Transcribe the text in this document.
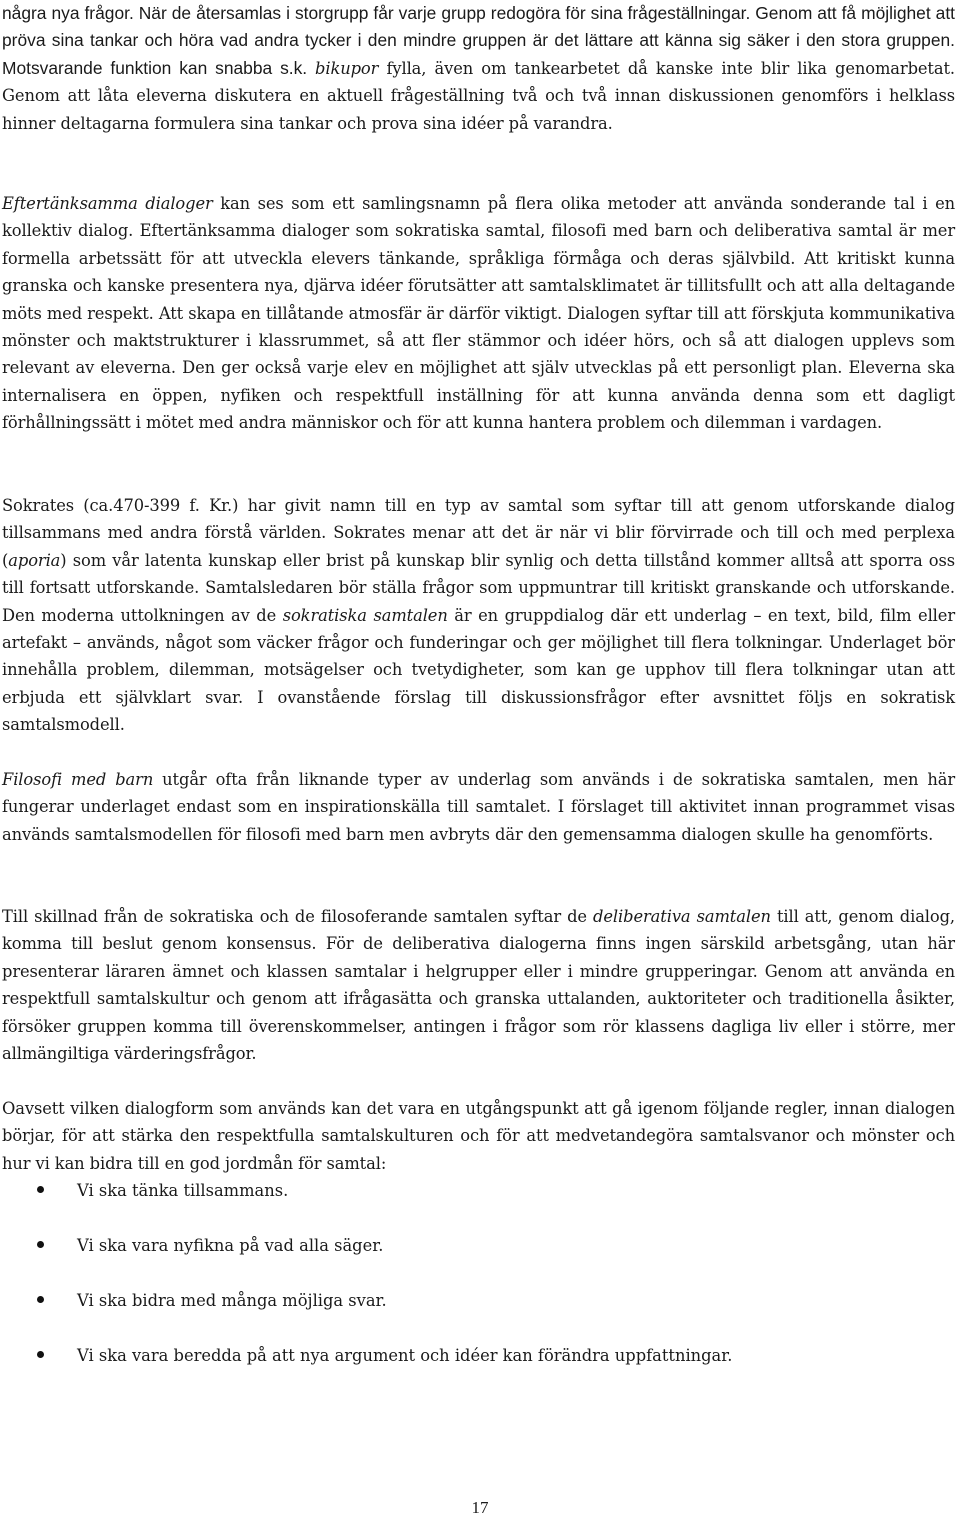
några nya frågor. När de återsamlas i storgrupp får varje grupp redogöra för sina frågeställningar. Genom att få möjlighet att pröva sina tankar och höra vad andra tycker i den mindre gruppen är det lättare att känna sig säker i den stora gruppen. Motsvarande funktion kan snabba s.k. bikupor fylla, även om tankearbetet då kanske inte blir lika genomarbetat. Genom att låta eleverna diskutera en aktuell frågeställning två och två innan diskussionen genomförs i helklass hinner deltagarna formulera sina tankar och prova sina idéer på varandra.

Eftertänksamma dialoger kan ses som ett samlingsnamn på flera olika metoder att använda sonderande tal i en kollektiv dialog. Eftertänksamma dialoger som sokratiska samtal, filosofi med barn och deliberativa samtal är mer formella arbetssätt för att utveckla elevers tänkande, språkliga förmåga och deras självbild. Att kritiskt kunna granska och kanske presentera nya, djärva idéer förutsätter att samtalsklimatet är tillitsfullt och att alla deltagande möts med respekt. Att skapa en tillåtande atmosfär är därför viktigt. Dialogen syftar till att förskjuta kommunikativa mönster och maktstrukturer i klassrummet, så att fler stämmor och idéer hörs, och så att dialogen upplevs som relevant av eleverna. Den ger också varje elev en möjlighet att själv utvecklas på ett personligt plan. Eleverna ska internalisera en öppen, nyfiken och respektfull inställning för att kunna använda denna som ett dagligt förhållningssätt i mötet med andra människor och för att kunna hantera problem och dilemman i vardagen.

Sokrates (ca.470-399 f. Kr.) har givit namn till en typ av samtal som syftar till att genom utforskande dialog tillsammans med andra förstå världen. Sokrates menar att det är när vi blir förvirrade och till och med perplexa (aporia) som vår latenta kunskap eller brist på kunskap blir synlig och detta tillstånd kommer alltså att sporra oss till fortsatt utforskande. Samtalsledaren bör ställa frågor som uppmuntrar till kritiskt granskande och utforskande. Den moderna uttolkningen av de sokratiska samtalen är en gruppdialog där ett underlag – en text, bild, film eller artefakt – används, något som väcker frågor och funderingar och ger möjlighet till flera tolkningar. Underlaget bör innehålla problem, dilemman, motsägelser och tvetydigheter, som kan ge upphov till flera tolkningar utan att erbjuda ett självklart svar. I ovanstående förslag till diskussionsfrågor efter avsnittet följs en sokratisk samtalsmodell.

Filosofi med barn utgår ofta från liknande typer av underlag som används i de sokratiska samtalen, men här fungerar underlaget endast som en inspirationskälla till samtalet. I förslaget till aktivitet innan programmet visas används samtalsmodellen för filosofi med barn men avbryts där den gemensamma dialogen skulle ha genomförts.

Till skillnad från de sokratiska och de filosoferande samtalen syftar de deliberativa samtalen till att, genom dialog, komma till beslut genom konsensus. För de deliberativa dialogerna finns ingen särskild arbetsgång, utan här presenterar läraren ämnet och klassen samtalar i helgrupper eller i mindre grupperingar. Genom att använda en respektfull samtalskultur och genom att ifrågasätta och granska uttalanden, auktoriteter och traditionella åsikter, försöker gruppen komma till överenskommelser, antingen i frågor som rör klassens dagliga liv eller i större, mer allmängiltiga värderingsfrågor.

Oavsett vilken dialogform som används kan det vara en utgångspunkt att gå igenom följande regler, innan dialogen börjar, för att stärka den respektfulla samtalskulturen och för att medvetandegöra samtalsvanor och mönster och hur vi kan bidra till en god jordmån för samtal:

Vi ska tänka tillsammans.
Vi ska vara nyfikna på vad alla säger.
Vi ska bidra med många möjliga svar.
Vi ska vara beredda på att nya argument och idéer kan förändra uppfattningar.
17
